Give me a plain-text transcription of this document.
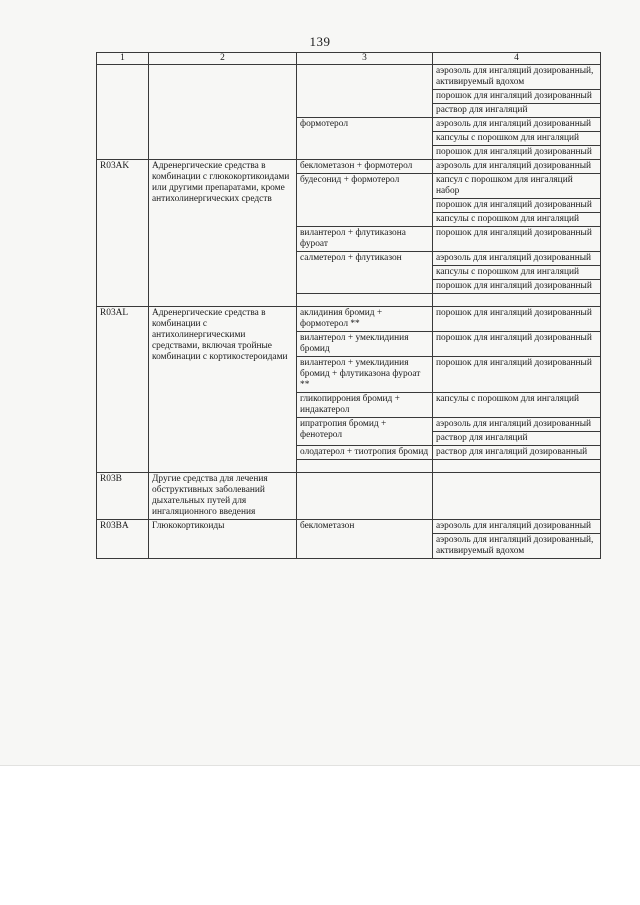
139
1	2	3	4
			аэрозоль для ингаляций дозированный, активируемый вдохом
			порошок для ингаляций дозированный
			раствор для ингаляций
		формотерол	аэрозоль для ингаляций дозированный
			капсулы с порошком для ингаляций
			порошок для ингаляций дозированный
R03AK	Адренергические средства в комбинации с глюкокортикоидами или другими препаратами, кроме антихолинергических средств	беклометазон + формотерол	аэрозоль для ингаляций дозированный
		будесонид + формотерол	капсул с порошком для ингаляций набор
			порошок для ингаляций дозированный
			капсулы с порошком для ингаляций
		вилантерол + флутиказона фуроат	порошок для ингаляций дозированный
		салметерол + флутиказон	аэрозоль для ингаляций дозированный
			капсулы с порошком для ингаляций
			порошок для ингаляций дозированный

R03AL	Адренергические средства в комбинации с антихолинергическими средствами, включая тройные комбинации с кортикостероидами	аклидиния бромид + формотерол **	порошок для ингаляций дозированный
		вилантерол + умеклидиния бромид	порошок для ингаляций дозированный
		вилантерол + умеклидиния бромид + флутиказона фуроат **	порошок для ингаляций дозированный
		гликопиррония бромид + индакатерол	капсулы с порошком для ингаляций
		ипратропия бромид + фенотерол	аэрозоль для ингаляций дозированный
			раствор для ингаляций
		олодатерол + тиотропия бромид	раствор для ингаляций дозированный

R03B	Другие средства для лечения обструктивных заболеваний дыхательных путей для ингаляционного введения		
R03BA	Глюкокортикоиды	беклометазон	аэрозоль для ингаляций дозированный
			аэрозоль для ингаляций дозированный, активируемый вдохом
